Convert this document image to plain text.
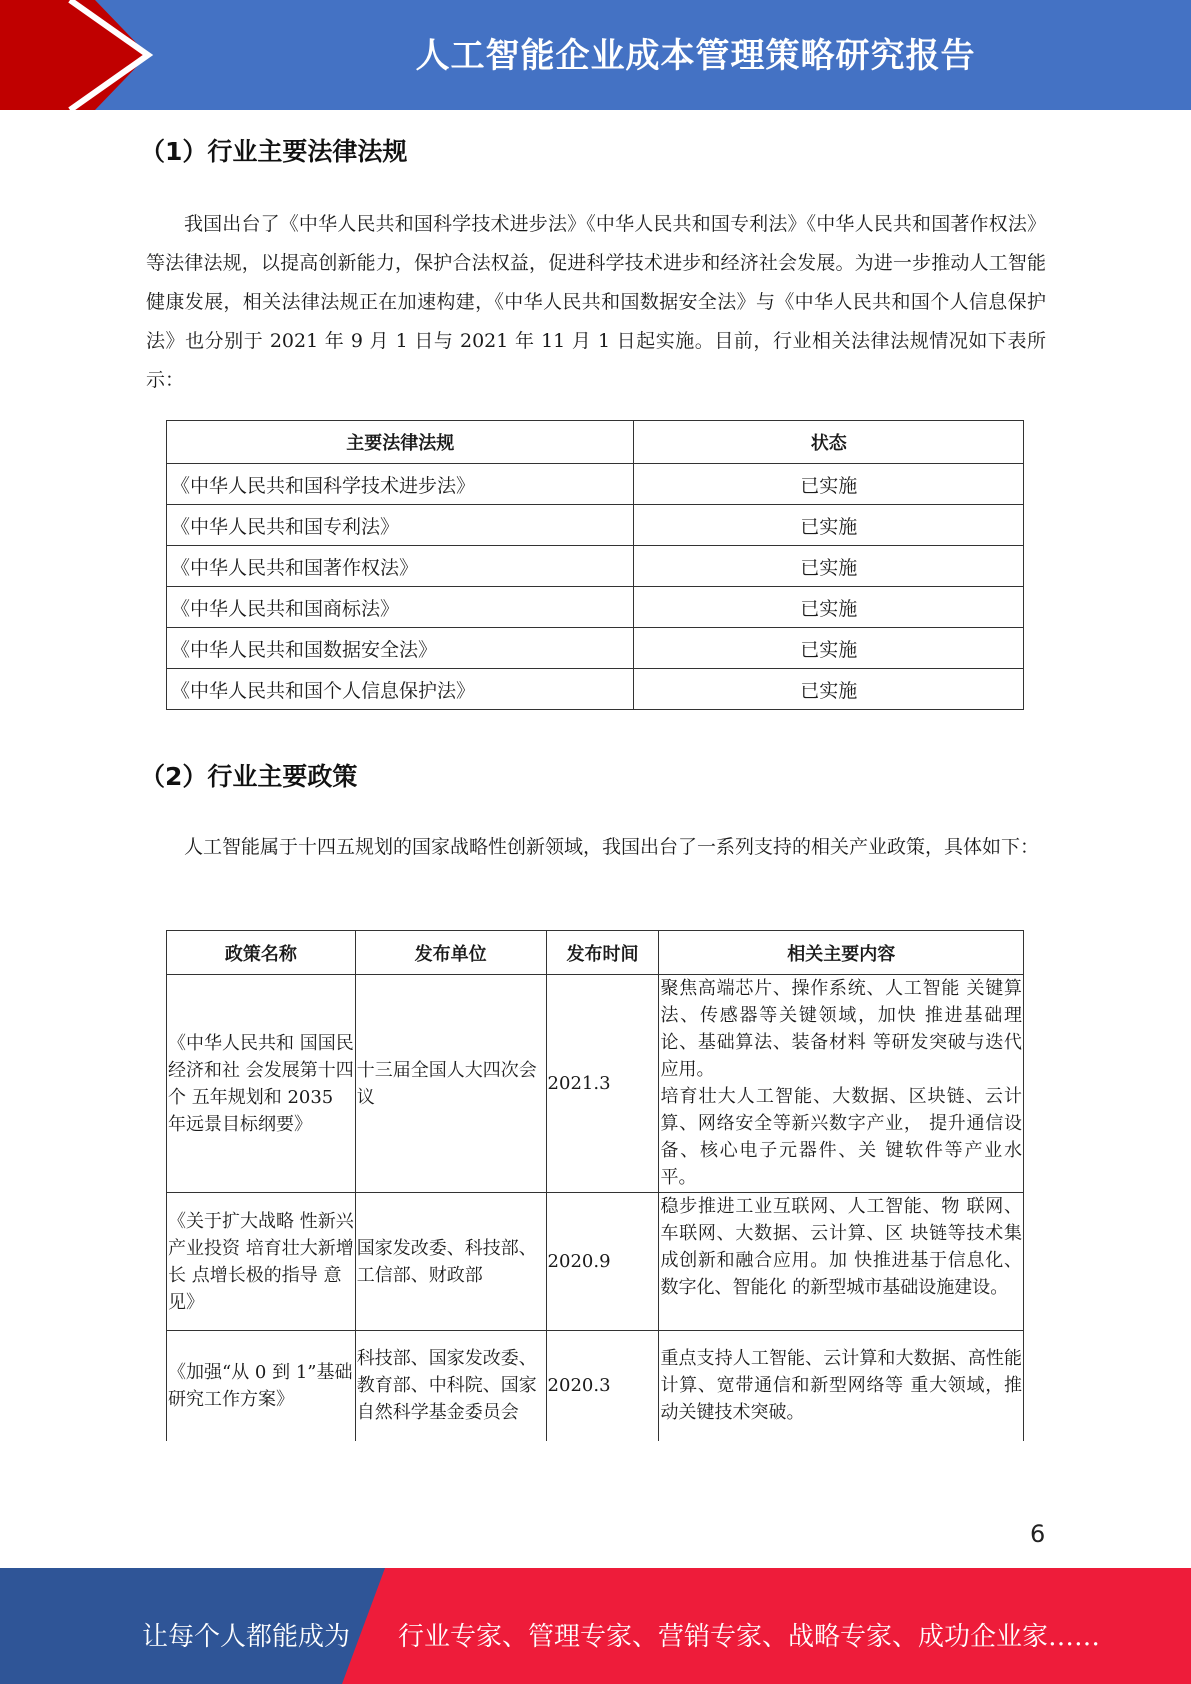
人工智能企业成本管理策略研究报告
（1）行业主要法律法规
我国出台了《中华人民共和国科学技术进步法》《中华人民共和国专利法》《中华人民共和国著作权法》等法律法规，以提高创新能力，保护合法权益，促进科学技术进步和经济社会发展。为进一步推动人工智能健康发展，相关法律法规正在加速构建，《中华人民共和国数据安全法》与《中华人民共和国个人信息保护法》也分别于 2021 年 9 月 1 日与 2021 年 11 月 1 日起实施。目前，行业相关法律法规情况如下表所示：
主要法律法规	状态
《中华人民共和国科学技术进步法》	已实施
《中华人民共和国专利法》	已实施
《中华人民共和国著作权法》	已实施
《中华人民共和国商标法》	已实施
《中华人民共和国数据安全法》	已实施
《中华人民共和国个人信息保护法》	已实施
（2）行业主要政策
人工智能属于十四五规划的国家战略性创新领域，我国出台了一系列支持的相关产业政策，具体如下：
政策名称	发布单位	发布时间	相关主要内容
《中华人民共和 国国民经济和社 会发展第十四个 五年规划和 2035 年远景目标纲要》	十三届全国人大四次会议	2021.3	聚焦高端芯片、操作系统、人工智能 关键算法、传感器等关键领域，加快 推进基础理论、基础算法、装备材料 等研发突破与迭代应用。
培育壮大人工智能、大数据、区块链、云计算、网络安全等新兴数字产业， 提升通信设备、核心电子元器件、关 键软件等产业水平。
《关于扩大战略 性新兴产业投资 培育壮大新增长 点增长极的指导 意见》	国家发改委、科技部、工信部、财政部	2020.9	稳步推进工业互联网、人工智能、物 联网、车联网、大数据、云计算、区 块链等技术集成创新和融合应用。加 快推进基于信息化、数字化、智能化 的新型城市基础设施建设。
《加强“从 0 到 1”基础研究工作方案》	科技部、国家发改委、教育部、中科院、国家自然科学基金委员会	2020.3	重点支持人工智能、云计算和大数据、高性能计算、宽带通信和新型网络等 重大领域，推动关键技术突破。
6
让每个人都能成为 行业专家、管理专家、营销专家、战略专家、成功企业家……
